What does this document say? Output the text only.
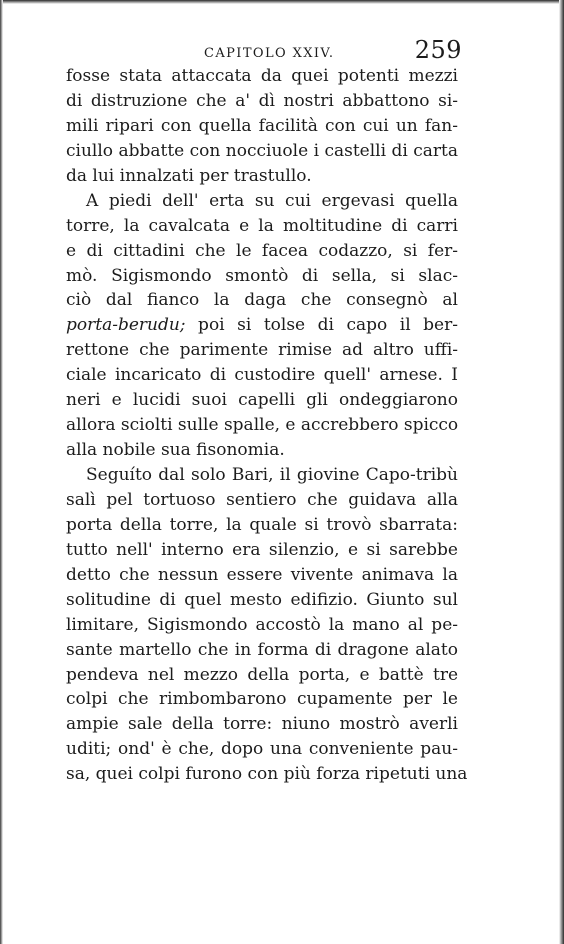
CAPITOLO XXIV.	259
fosse stata attaccata da quei potenti mezzi
di distruzione che a' dì nostri abbattono si-
mili ripari con quella facilità con cui un fan-
ciullo abbatte con nocciuole i castelli di carta
da lui innalzati per trastullo.
A piedi dell' erta su cui ergevasi quella
torre, la cavalcata e la moltitudine di carri
e di cittadini che le facea codazzo, si fer-
mò. Sigismondo smontò di sella, si slac-
ciò dal fianco la daga che consegnò al
porta-berudu; poi si tolse di capo il ber-
rettone che parimente rimise ad altro uffi-
ciale incaricato di custodire quell' arnese. I
neri e lucidi suoi capelli gli ondeggiarono
allora sciolti sulle spalle, e accrebbero spicco
alla nobile sua fisonomia.
Seguíto dal solo Bari, il giovine Capo-tribù
salì pel tortuoso sentiero che guidava alla
porta della torre, la quale si trovò sbarrata:
tutto nell' interno era silenzio, e si sarebbe
detto che nessun essere vivente animava la
solitudine di quel mesto edifizio. Giunto sul
limitare, Sigismondo accostò la mano al pe-
sante martello che in forma di dragone alato
pendeva nel mezzo della porta, e battè tre
colpi che rimbombarono cupamente per le
ampie sale della torre: niuno mostrò averli
uditi; ond' è che, dopo una conveniente pau-
sa, quei colpi furono con più forza ripetuti una
